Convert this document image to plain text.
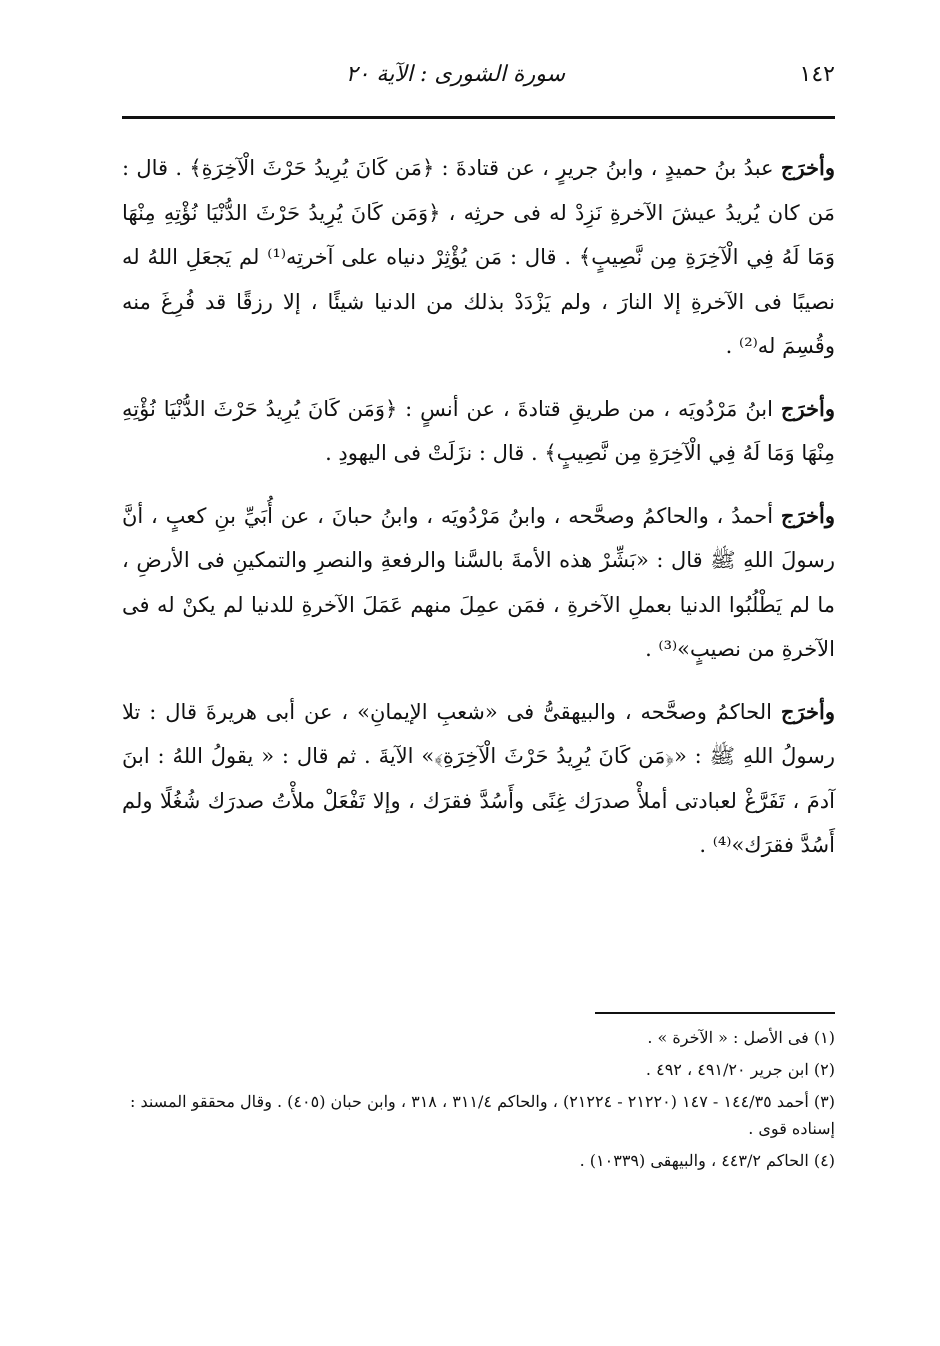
١٤٢
سورة الشورى : الآية ٢٠

وأخرَج عبدُ بنُ حميدٍ ، وابنُ جريرٍ ، عن قتادةَ : ﴿مَن كَانَ يُرِيدُ حَرْثَ الْآخِرَةِ﴾ . قال : مَن كان يُريدُ عيشَ الآخرةِ نَزِدْ له فى حرثِه ، ﴿وَمَن كَانَ يُرِيدُ حَرْثَ الدُّنْيَا نُؤْتِهِ مِنْهَا وَمَا لَهُ فِي الْآخِرَةِ مِن نَّصِيبٍ﴾ . قال : مَن يُؤْثِرْ دنياه على آخرتِه⁽¹⁾ لم يَجعَلِ اللهُ له نصيبًا فى الآخرةِ إلا النارَ ، ولم يَزْدَدْ بذلك من الدنيا شيئًا ، إلا رزقًا قد فُرِغَ منه وقُسِمَ له⁽²⁾ .

وأخرَج ابنُ مَرْدُويَه ، من طريقِ قتادةَ ، عن أنسٍ : ﴿وَمَن كَانَ يُرِيدُ حَرْثَ الدُّنْيَا نُؤْتِهِ مِنْهَا وَمَا لَهُ فِي الْآخِرَةِ مِن نَّصِيبٍ﴾ . قال : نزَلَتْ فى اليهودِ .

وأخرَج أحمدُ ، والحاكمُ وصحَّحه ، وابنُ مَرْدُويَه ، وابنُ حبانَ ، عن أُبَيِّ بنِ كعبٍ ، أنَّ رسولَ اللهِ ﷺ قال : «بَشِّرْ هذه الأمةَ بالسَّنا والرفعةِ والنصرِ والتمكينِ فى الأرضِ ، ما لم يَطْلُبُوا الدنيا بعملِ الآخرةِ ، فمَن عمِلَ منهم عَمَلَ الآخرةِ للدنيا لم يكنْ له فى الآخرةِ من نصيبٍ»⁽³⁾ .

وأخرَج الحاكمُ وصحَّحه ، والبيهقىُّ فى «شعبِ الإيمانِ» ، عن أبى هريرةَ قال : تلا رسولُ اللهِ ﷺ : «﴿مَن كَانَ يُرِيدُ حَرْثَ الْآخِرَةِ﴾» الآيةَ . ثم قال : « يقولُ اللهُ : ابنَ آدمَ ، تَفَرَّغْ لعبادتى أملأْ صدرَك غِنًى وأَسُدَّ فقرَك ، وإلا تَفْعَلْ ملأْتُ صدرَك شُغُلًا ولم أَسُدَّ فقرَك»⁽⁴⁾ .

(١) فى الأصل : « الآخرة » .
(٢) ابن جرير ٤٩١/٢٠ ، ٤٩٢ .
(٣) أحمد ١٤٤/٣٥ - ١٤٧ (٢١٢٢٠ - ٢١٢٢٤) ، والحاكم ٣١١/٤ ، ٣١٨ ، وابن حبان (٤٠٥) . وقال محققو المسند : إسناده قوى .
(٤) الحاكم ٤٤٣/٢ ، والبيهقى (١٠٣٣٩) .
